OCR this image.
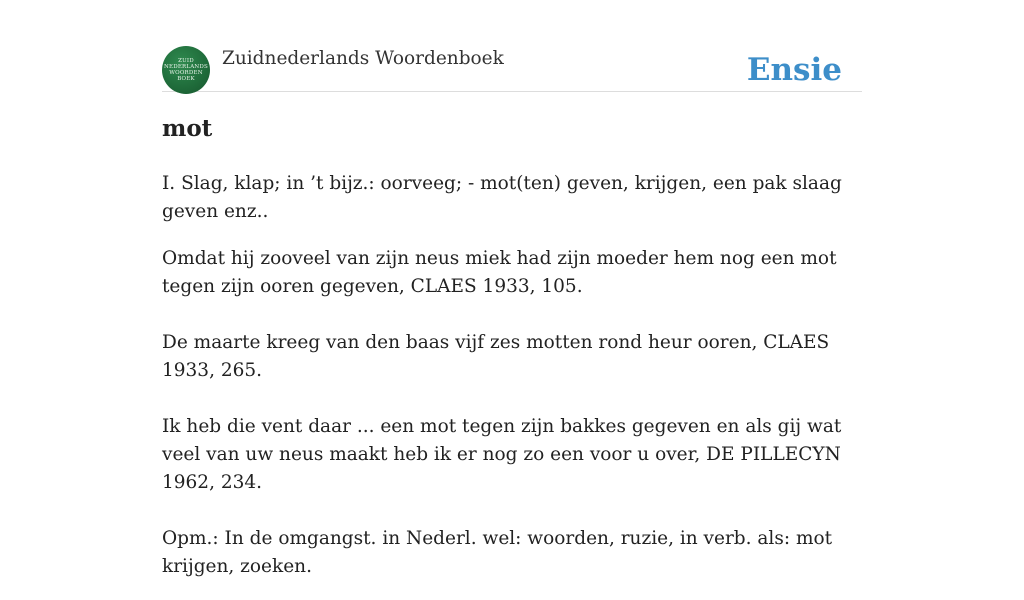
ZUID
NEDERLANDS
WOORDEN
BOEK
Zuidnederlands Woordenboek	Ensie
mot

I. Slag, klap; in ’t bijz.: oorveeg; - mot(ten) geven, krijgen, een pak slaag geven enz..

Omdat hij zooveel van zijn neus miek had zijn moeder hem nog een mot tegen zijn ooren gegeven, CLAES 1933, 105.

De maarte kreeg van den baas vijf zes motten rond heur ooren, CLAES 1933, 265.

Ik heb die vent daar ... een mot tegen zijn bakkes gegeven en als gij wat veel van uw neus maakt heb ik er nog zo een voor u over, DE PILLECYN 1962, 234.

Opm.: In de omgangst. in Nederl. wel: woorden, ruzie, in verb. als: mot krijgen, zoeken.
